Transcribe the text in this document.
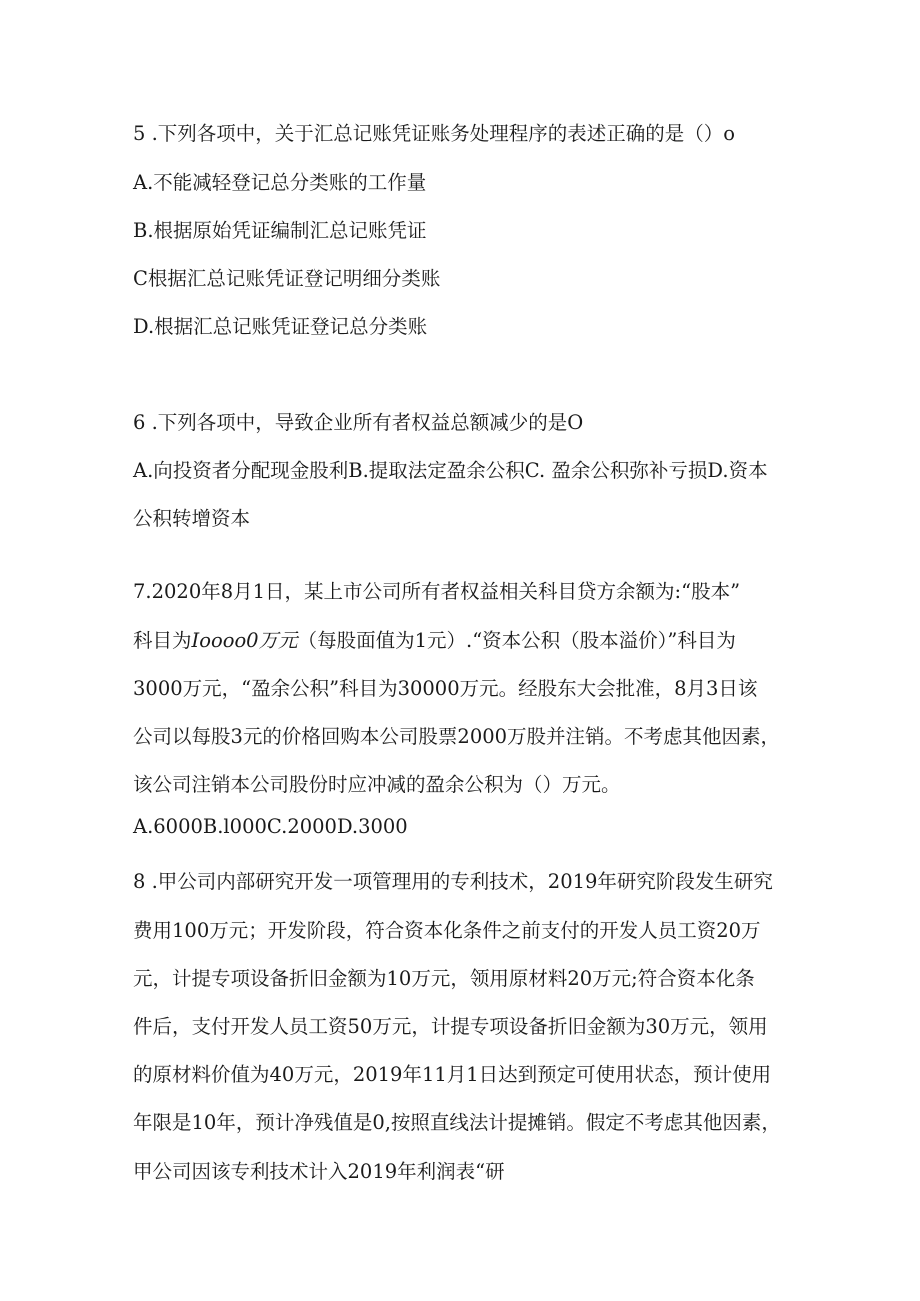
5 .下列各项中，关于汇总记账凭证账务处理程序的表述正确的是（）o
A.不能减轻登记总分类账的工作量
B.根据原始凭证编制汇总记账凭证
C根据汇总记账凭证登记明细分类账
D.根据汇总记账凭证登记总分类账
6 .下列各项中，导致企业所有者权益总额减少的是O
A.向投资者分配现金股利B.提取法定盈余公积C. 盈余公积弥补亏损D.资本
公积转增资本
7.2020年8月1日，某上市公司所有者权益相关科目贷方余额为:“股本”
科目为Ioooo0万元（每股面值为1元）.“资本公积（股本溢价）”科目为
3000万元，“盈余公积”科目为30000万元。经股东大会批准，8月3日该
公司以每股3元的价格回购本公司股票2000万股并注销。不考虑其他因素，
该公司注销本公司股份时应冲减的盈余公积为（）万元。
A.6000B.l000C.2000D.3000
8 .甲公司内部研究开发一项管理用的专利技术，2019年研究阶段发生研究
费用100万元；开发阶段，符合资本化条件之前支付的开发人员工资20万
元，计提专项设备折旧金额为10万元，领用原材料20万元;符合资本化条
件后，支付开发人员工资50万元，计提专项设备折旧金额为30万元，领用
的原材料价值为40万元，2019年11月1日达到预定可使用状态，预计使用
年限是10年，预计净残值是0,按照直线法计提摊销。假定不考虑其他因素，
甲公司因该专利技术计入2019年利润表“研
